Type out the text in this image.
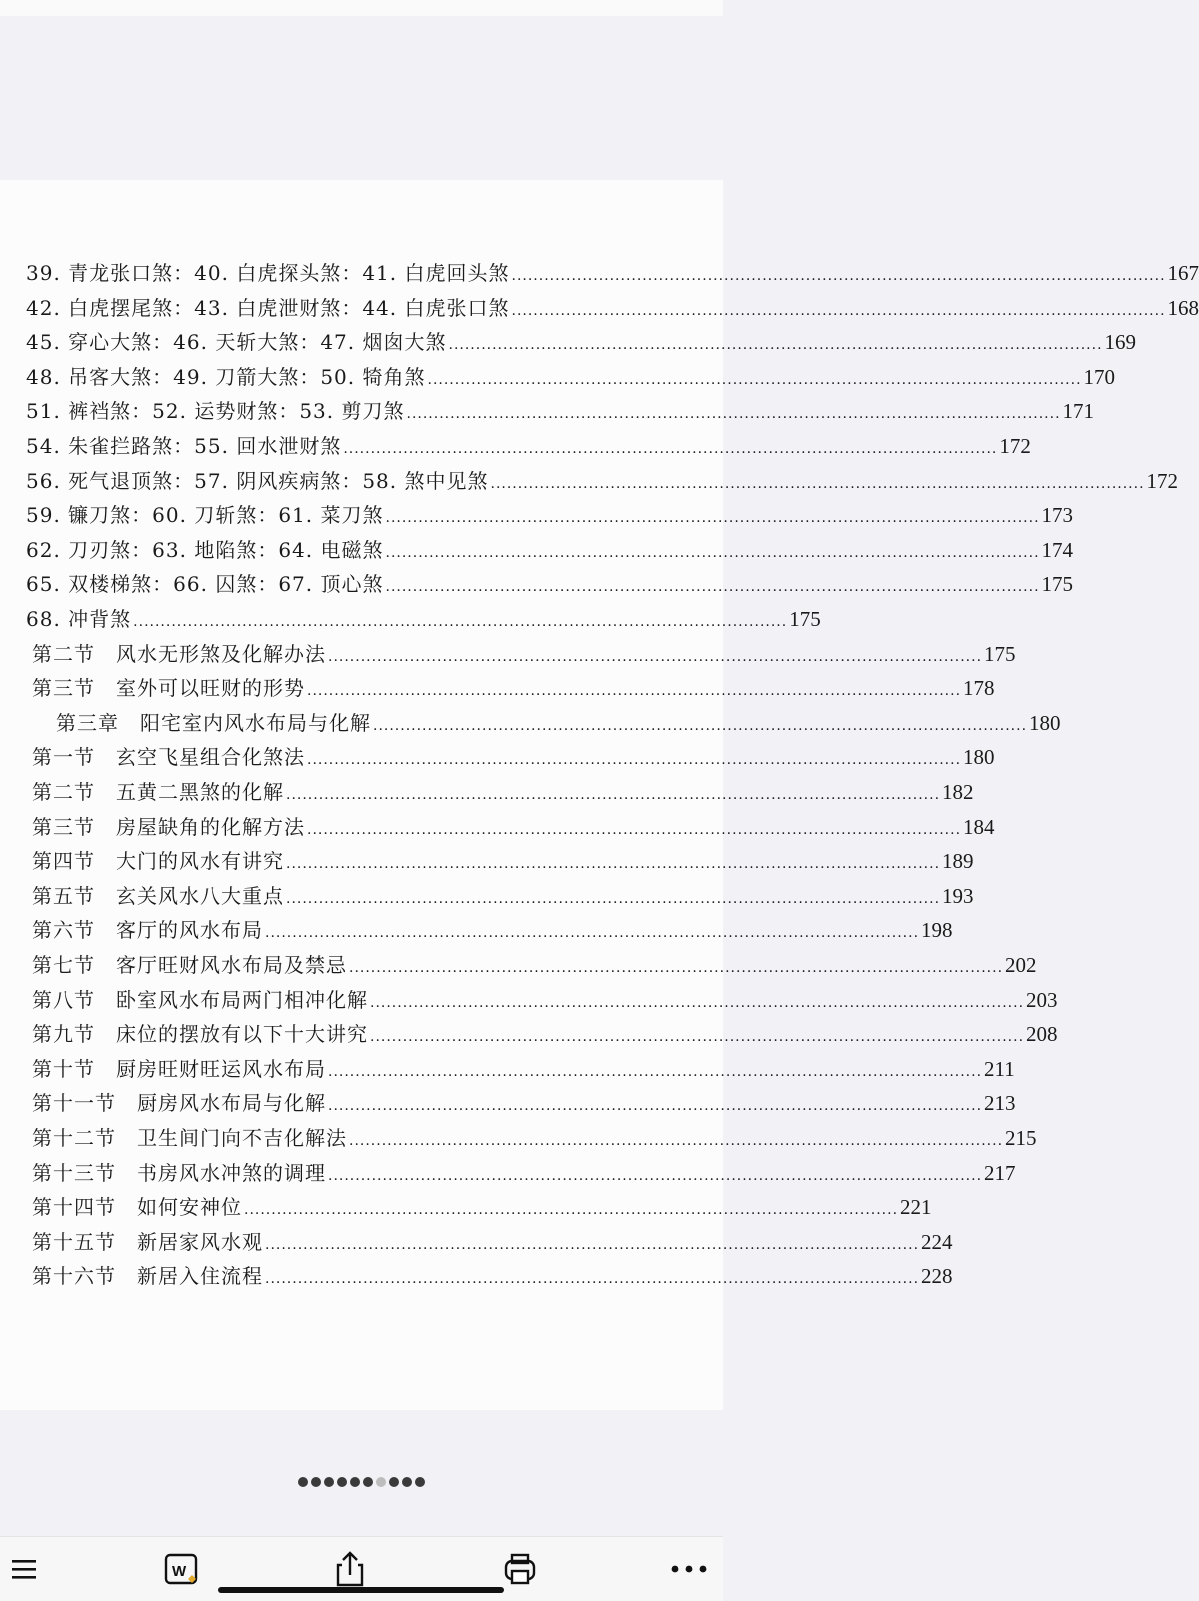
39. 青龙张口煞：40. 白虎探头煞：41. 白虎回头煞 ........................................................................................................................ 167
42. 白虎摆尾煞：43. 白虎泄财煞：44. 白虎张口煞 ........................................................................................................................ 168
45. 穿心大煞：46. 天斩大煞：47. 烟囱大煞 ........................................................................................................................ 169
48. 吊客大煞：49. 刀箭大煞：50. 犄角煞 ........................................................................................................................ 170
51. 裤裆煞：52. 运势财煞：53. 剪刀煞 ........................................................................................................................ 171
54. 朱雀拦路煞：55. 回水泄财煞 ........................................................................................................................ 172
56. 死气退顶煞：57. 阴风疾病煞：58. 煞中见煞 ........................................................................................................................ 172
59. 镰刀煞：60. 刀斩煞：61. 菜刀煞 ........................................................................................................................ 173
62. 刀刃煞：63. 地陷煞：64. 电磁煞 ........................................................................................................................ 174
65. 双楼梯煞：66. 囚煞：67. 顶心煞 ........................................................................................................................ 175
68. 冲背煞 ........................................................................................................................ 175
第二节　风水无形煞及化解办法 ........................................................................................................................ 175
第三节　室外可以旺财的形势 ........................................................................................................................ 178
第三章　阳宅室内风水布局与化解 ........................................................................................................................ 180
第一节　玄空飞星组合化煞法 ........................................................................................................................ 180
第二节　五黄二黑煞的化解 ........................................................................................................................ 182
第三节　房屋缺角的化解方法 ........................................................................................................................ 184
第四节　大门的风水有讲究 ........................................................................................................................ 189
第五节　玄关风水八大重点 ........................................................................................................................ 193
第六节　客厅的风水布局 ........................................................................................................................ 198
第七节　客厅旺财风水布局及禁忌 ........................................................................................................................ 202
第八节　卧室风水布局两门相冲化解 ........................................................................................................................ 203
第九节　床位的摆放有以下十大讲究 ........................................................................................................................ 208
第十节　厨房旺财旺运风水布局 ........................................................................................................................ 211
第十一节　厨房风水布局与化解 ........................................................................................................................ 213
第十二节　卫生间门向不吉化解法 ........................................................................................................................ 215
第十三节　书房风水冲煞的调理 ........................................................................................................................ 217
第十四节　如何安神位 ........................................................................................................................ 221
第十五节　新居家风水观 ........................................................................................................................ 224
第十六节　新居入住流程 ........................................................................................................................ 228
W
